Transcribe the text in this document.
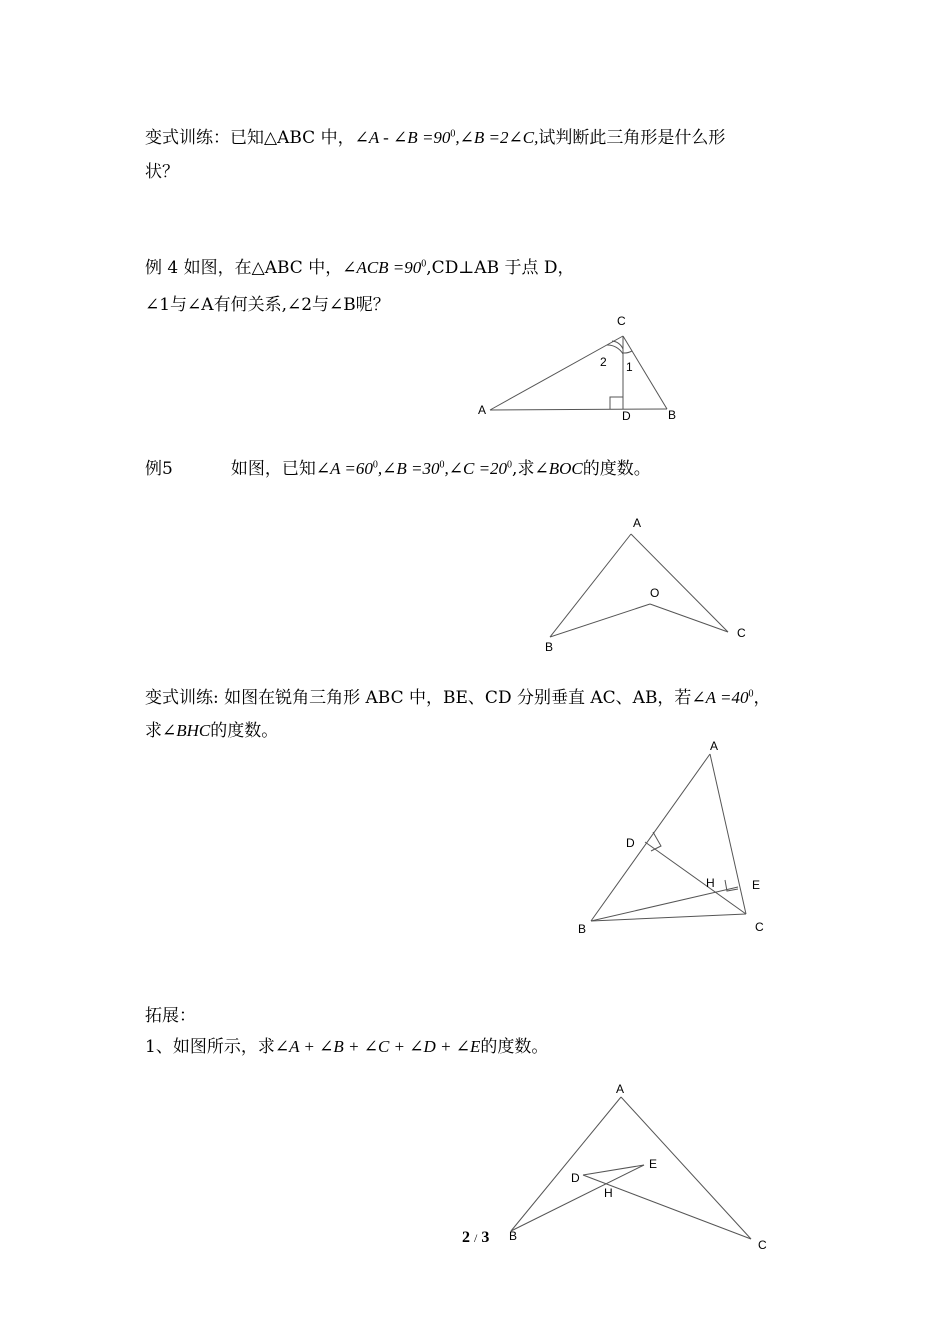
变式训练：已知△ABC 中，∠A - ∠B $=90^0,\angle B$ =2∠C,试判断此三角形是什么形
状？
例 4 如图，在△ABC 中，∠ACB $=90^0,CD\perp AB$ 于点 D，
∠1与∠A有何关系,∠2与∠B呢？
C
A	D	B
2 1
例5	如图，已知∠A $=60^0,\angle B$ $=30^0,\angle C =20^0$,求∠BOC的度数。
A
O
C
B
变式训练: 如图在锐角三角形 ABC 中，BE、CD 分别垂直 AC、AB，若∠A $=40^0$，
求∠BHC的度数。
A
D
H	E
C
B
拓展：
1、如图所示，求∠A + ∠B + ∠C + ∠D + ∠E的度数。
A
E
D
H
B
C
2 / 3
